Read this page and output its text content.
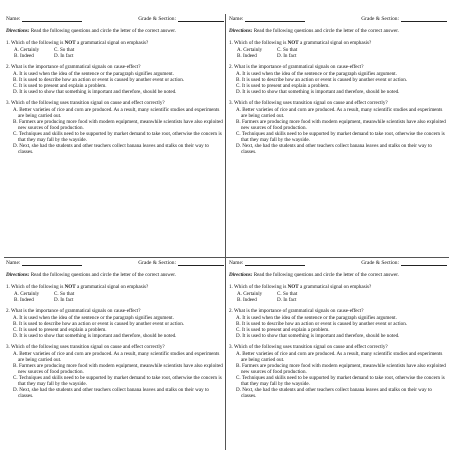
Name:	Grade & Section:
Directions: Read the following questions and circle the letter of the correct answer.
1. Which of the following is NOT a grammatical signal on emphasis?
A. Certainly	C. So that
B. Indeed	D. In fact
2. What is the importance of grammatical signals on cause-effect?
A. It is used when the idea of the sentence or the paragraph signifies argument.
B. It is used to describe how an action or event is caused by another event or action.
C. It is used to present and explain a problem.
D. It is used to show that something is important and therefore, should be noted.
3. Which of the following uses transition signal on cause and effect correctly?
A. Better varieties of rice and corn are produced. As a result, many scientific studies and experiments are being carried out.
B. Farmers are producing more food with modern equipment, meanwhile scientists have also exploited new sources of food production.
C. Techniques and skills need to be supported by market demand to take root, otherwise the concern is that they may fall by the wayside.
D. Next, she had the students and other teachers collect banana leaves and stalks on their way to classes.
Name:	Grade & Section:
Directions: Read the following questions and circle the letter of the correct answer.
1. Which of the following is NOT a grammatical signal on emphasis?
A. Certainly	C. So that
B. Indeed	D. In fact
2. What is the importance of grammatical signals on cause-effect?
A. It is used when the idea of the sentence or the paragraph signifies argument.
B. It is used to describe how an action or event is caused by another event or action.
C. It is used to present and explain a problem.
D. It is used to show that something is important and therefore, should be noted.
3. Which of the following uses transition signal on cause and effect correctly?
A. Better varieties of rice and corn are produced. As a result, many scientific studies and experiments are being carried out.
B. Farmers are producing more food with modern equipment, meanwhile scientists have also exploited new sources of food production.
C. Techniques and skills need to be supported by market demand to take root, otherwise the concern is that they may fall by the wayside.
D. Next, she had the students and other teachers collect banana leaves and stalks on their way to classes.
Name:	Grade & Section:
Directions: Read the following questions and circle the letter of the correct answer.
1. Which of the following is NOT a grammatical signal on emphasis?
A. Certainly	C. So that
B. Indeed	D. In fact
2. What is the importance of grammatical signals on cause-effect?
A. It is used when the idea of the sentence or the paragraph signifies argument.
B. It is used to describe how an action or event is caused by another event or action.
C. It is used to present and explain a problem.
D. It is used to show that something is important and therefore, should be noted.
3. Which of the following uses transition signal on cause and effect correctly?
A. Better varieties of rice and corn are produced. As a result, many scientific studies and experiments are being carried out.
B. Farmers are producing more food with modern equipment, meanwhile scientists have also exploited new sources of food production.
C. Techniques and skills need to be supported by market demand to take root, otherwise the concern is that they may fall by the wayside.
D. Next, she had the students and other teachers collect banana leaves and stalks on their way to classes.
Name:	Grade & Section:
Directions: Read the following questions and circle the letter of the correct answer.
1. Which of the following is NOT a grammatical signal on emphasis?
A. Certainly	C. So that
B. Indeed	D. In fact
2. What is the importance of grammatical signals on cause-effect?
A. It is used when the idea of the sentence or the paragraph signifies argument.
B. It is used to describe how an action or event is caused by another event or action.
C. It is used to present and explain a problem.
D. It is used to show that something is important and therefore, should be noted.
3. Which of the following uses transition signal on cause and effect correctly?
A. Better varieties of rice and corn are produced. As a result, many scientific studies and experiments are being carried out.
B. Farmers are producing more food with modern equipment, meanwhile scientists have also exploited new sources of food production.
C. Techniques and skills need to be supported by market demand to take root, otherwise the concern is that they may fall by the wayside.
D. Next, she had the students and other teachers collect banana leaves and stalks on their way to classes.
